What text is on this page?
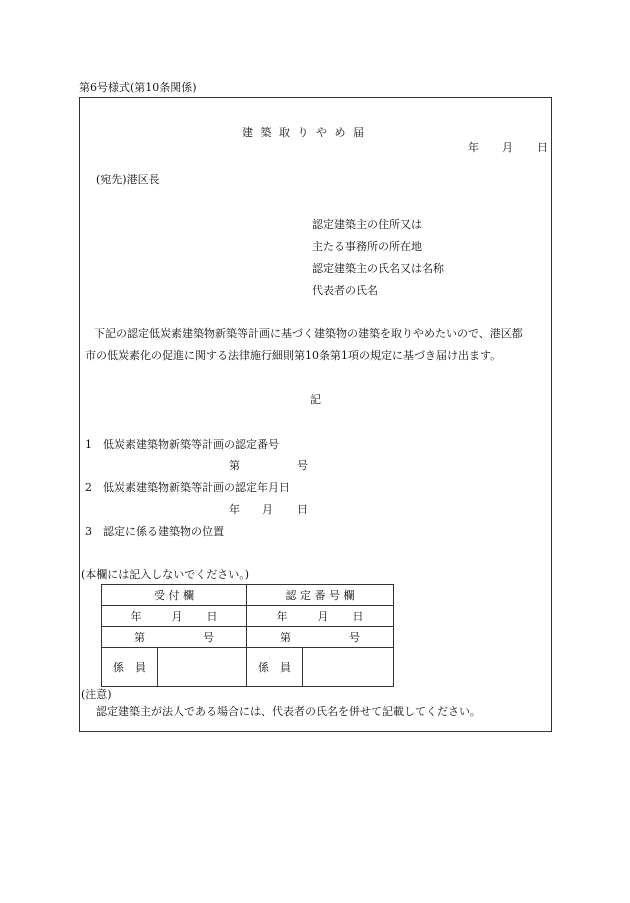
第6号様式(第10条関係)
建 築 取 り や め 届
年 月 日
(宛先)港区長
認定建築主の住所又は
主たる事務所の所在地
認定建築主の氏名又は名称
代表者の氏名
下記の認定低炭素建築物新築等計画に基づく建築物の建築を取りやめたいので、港区都
市の低炭素化の促進に関する法律施行細則第10条第1項の規定に基づき届け出ます。
記
1 低炭素建築物新築等計画の認定番号
第	号
2 低炭素建築物新築等計画の認定年月日
年 月 日
3 認定に係る建築物の位置
(本欄には記入しないでください。)
受 付 欄		認 定 番 号 欄	
年 月 日		年 月 日	
第 号		第 号	
係　員		係　員	
(注意)
認定建築主が法人である場合には、代表者の氏名を併せて記載してください。
